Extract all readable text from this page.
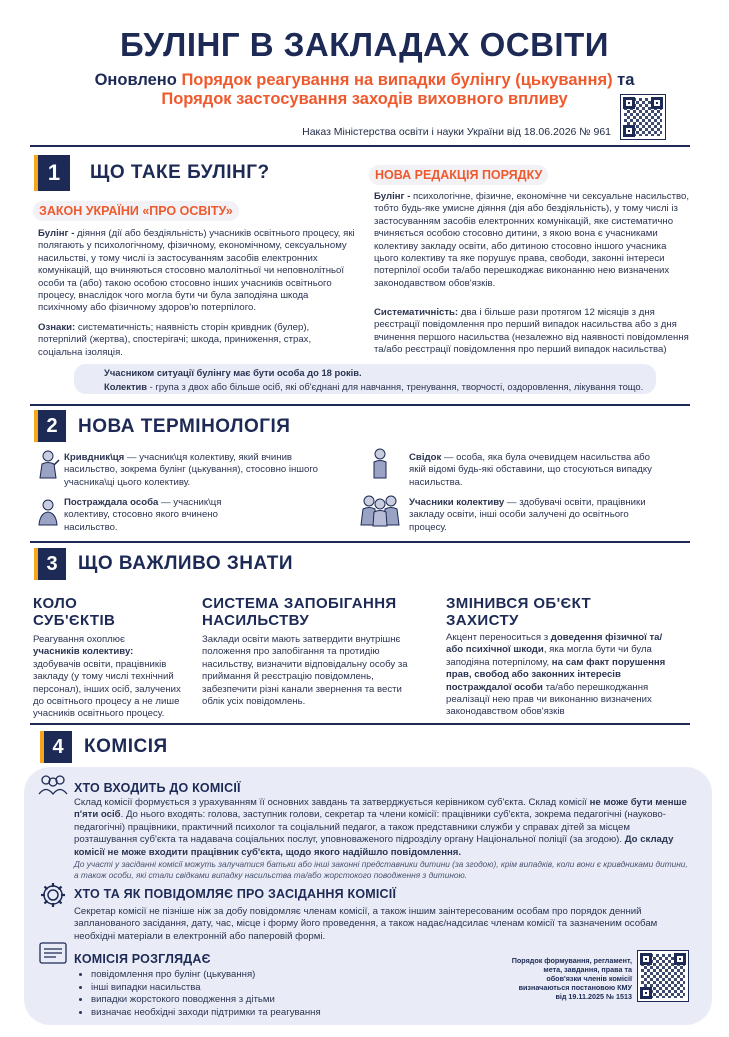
БУЛІНГ В ЗАКЛАДАХ ОСВІТИ
Оновлено Порядок реагування на випадки булінгу (цькування) та
Порядок застосування заходів виховного впливу
Наказ Міністерства освіти і науки України від 18.06.2026 № 961
1	ЩО ТАКЕ БУЛІНГ?
ЗАКОН УКРАЇНИ «ПРО ОСВІТУ»
Булінг - діяння (дії або бездіяльність) учасників освітнього процесу, які полягають у психологічному, фізичному, економічному, сексуальному насильстві, у тому числі із застосуванням засобів електронних комунікацій, що вчиняються стосовно малолітньої чи неповнолітньої особи та (або) такою особою стосовно інших учасників освітнього процесу, внаслідок чого могла бути чи була заподіяна шкода психічному або фізичному здоров'ю потерпілого.
Ознаки: систематичність; наявність сторін кривдник (булер), потерпілий (жертва), спостерігачі; шкода, приниження, страх, соціальна ізоляція.
НОВА РЕДАКЦІЯ ПОРЯДКУ
Булінг - психологічне, фізичне, економічне чи сексуальне насильство, тобто будь-яке умисне діяння (дія або бездіяльність), у тому числі із застосуванням засобів електронних комунікацій, яке систематично вчиняється особою стосовно дитини, з якою вона є учасниками колективу закладу освіти, або дитиною стосовно іншого учасника цього колективу та яке порушує права, свободи, законні інтереси потерпілої особи та/або перешкоджає виконанню нею визначених законодавством обов'язків.
Систематичність: два і більше рази протягом 12 місяців з дня реєстрації повідомлення про перший випадок насильства або з дня вчинення першого насильства (незалежно від наявності повідомлення та/або реєстрації повідомлення про перший випадок насильства)
Учасником ситуації булінгу має бути особа до 18 років.
Колектив - група з двох або більше осіб, які об'єднані для навчання, тренування, творчості, оздоровлення, лікування тощо.
2	НОВА ТЕРМІНОЛОГІЯ
Кривдник\ця — учасник\ця колективу, який вчинив насильство, зокрема булінг (цькування), стосовно іншого учасника\ці цього колективу.
Постраждала особа — учасник\ця колективу, стосовно якого вчинено насильство.
Свідок — особа, яка була очевидцем насильства або якій відомі будь-які обставини, що стосуються випадку насильства.
Учасники колективу — здобувачі освіти, працівники закладу освіти, інші особи залучені до освітнього процесу.
3	ЩО ВАЖЛИВО ЗНАТИ
КОЛО
СУБ'ЄКТІВ
Реагування охоплює
учасників колективу:
здобувачів освіти, працівників закладу (у тому числі технічний персонал), інших осіб, залучених до освітнього процесу а не лише учасників освітнього процесу.
СИСТЕМА ЗАПОБІГАННЯ
НАСИЛЬСТВУ
Заклади освіти мають затвердити внутрішнє положення про запобігання та протидію насильству, визначити відповідальну особу за приймання й реєстрацію повідомлень, забезпечити різні канали звернення та вести облік усіх повідомлень.
ЗМІНИВСЯ ОБ'ЄКТ
ЗАХИСТУ
Акцент переноситься з доведення фізичної та/або психічної шкоди, яка могла бути чи була заподіяна потерпілому, на сам факт порушення прав, свобод або законних інтересів постраждалої особи та/або перешкоджання реалізації нею прав чи виконанню визначених законодавством обов'язків
4	КОМІСІЯ
ХТО ВХОДИТЬ ДО КОМІСІЇ
Склад комісії формується з урахуванням її основних завдань та затверджується керівником суб'єкта. Склад комісії не може бути менше п'яти осіб. До нього входять: голова, заступник голови, секретар та члени комісії: працівники суб'єкта, зокрема педагогічні (науково-педагогічні) працівники, практичний психолог та соціальний педагог, а також представники служби у справах дітей за місцем розташування суб'єкта та надавача соціальних послуг, уповноваженого підрозділу органу Національної поліції (за згодою). До складу комісії не може входити працівник суб'єкта, щодо якого надійшло повідомлення.
До участі у засіданні комісії можуть залучатися батьки або інші законні представники дитини (за згодою), крім випадків, коли вони є кривдниками дитини, а також особи, які стали свідками випадку насильства та/або жорстокого поводження з дитиною.
ХТО ТА ЯК ПОВІДОМЛЯЄ ПРО ЗАСІДАННЯ КОМІСІЇ
Секретар комісії не пізніше ніж за добу повідомляє членам комісії, а також іншим заінтересованим особам про порядок денний запланованого засідання, дату, час, місце і форму його проведення, а також надає/надсилає членам комісії та зазначеним особам необхідні матеріали в електронній або паперовій формі.
КОМІСІЯ РОЗГЛЯДАЄ
• повідомлення про булінг (цькування)
• інші випадки насильства
• випадки жорстокого поводження з дітьми
• визначає необхідні заходи підтримки та реагування
Порядок формування, регламент,
мета, завдання, права та
обов'язки членів комісії
визначаються постановою КМУ
від 19.11.2025 № 1513
